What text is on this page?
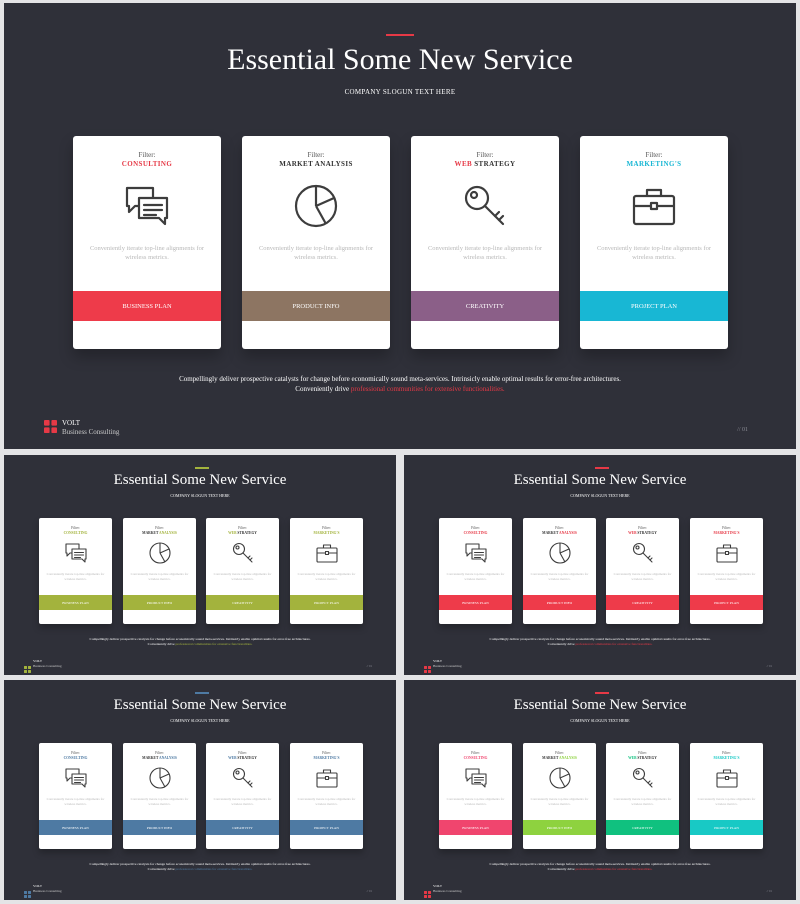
Essential Some New Service
COMPANY SLOGUN TEXT HERE
Filter:
CONSULTING
Conveniently iterate top-line alignments for wireless metrics.
BUSINESS PLAN
Filter:
MARKET ANALYSIS
Conveniently iterate top-line alignments for wireless metrics.
PRODUCT INFO
Filter:
WEB STRATEGY
Conveniently iterate top-line alignments for wireless metrics.
CREATIVITY
Filter:
MARKETING'S
Conveniently iterate top-line alignments for wireless metrics.
PROJECT PLAN
Compellingly deliver prospective catalysts for change before economically sound meta-services. Intrinsicly enable optimal results for error-free architectures.
Conveniently drive professional communities for extensive functionalities.
VOLT
Business Consulting	// 01
Essential Some New Service
COMPANY SLOGUN TEXT HERE
Filter:
CONSULTING
Conveniently iterate top-line alignments for wireless metrics.
BUSINESS PLAN
Filter:
MARKET ANALYSIS
Conveniently iterate top-line alignments for wireless metrics.
PRODUCT INFO
Filter:
WEB STRATEGY
Conveniently iterate top-line alignments for wireless metrics.
CREATIVITY
Filter:
MARKETING'S
Conveniently iterate top-line alignments for wireless metrics.
PROJECT PLAN
Compellingly deliver prospective catalysts for change before economically sound meta-services. Intrinsicly enable optimal results for error-free architectures.
Conveniently drive professional communities for extensive functionalities.
VOLT
Business Consulting	// 01
Essential Some New Service
COMPANY SLOGUN TEXT HERE
Filter:
CONSULTING
Conveniently iterate top-line alignments for wireless metrics.
BUSINESS PLAN
Filter:
MARKET ANALYSIS
Conveniently iterate top-line alignments for wireless metrics.
PRODUCT INFO
Filter:
WEB STRATEGY
Conveniently iterate top-line alignments for wireless metrics.
CREATIVITY
Filter:
MARKETING'S
Conveniently iterate top-line alignments for wireless metrics.
PROJECT PLAN
Compellingly deliver prospective catalysts for change before economically sound meta-services. Intrinsicly enable optimal results for error-free architectures.
Conveniently drive professional communities for extensive functionalities.
VOLT
Business Consulting	// 01
Essential Some New Service
COMPANY SLOGUN TEXT HERE
Filter:
CONSULTING
Conveniently iterate top-line alignments for wireless metrics.
BUSINESS PLAN
Filter:
MARKET ANALYSIS
Conveniently iterate top-line alignments for wireless metrics.
PRODUCT INFO
Filter:
WEB STRATEGY
Conveniently iterate top-line alignments for wireless metrics.
CREATIVITY
Filter:
MARKETING'S
Conveniently iterate top-line alignments for wireless metrics.
PROJECT PLAN
Compellingly deliver prospective catalysts for change before economically sound meta-services. Intrinsicly enable optimal results for error-free architectures.
Conveniently drive professional communities for extensive functionalities.
VOLT
Business Consulting	// 01
Essential Some New Service
COMPANY SLOGUN TEXT HERE
Filter:
CONSULTING
Conveniently iterate top-line alignments for wireless metrics.
BUSINESS PLAN
Filter:
MARKET ANALYSIS
Conveniently iterate top-line alignments for wireless metrics.
PRODUCT INFO
Filter:
WEB STRATEGY
Conveniently iterate top-line alignments for wireless metrics.
CREATIVITY
Filter:
MARKETING'S
Conveniently iterate top-line alignments for wireless metrics.
PROJECT PLAN
Compellingly deliver prospective catalysts for change before economically sound meta-services. Intrinsicly enable optimal results for error-free architectures.
Conveniently drive professional communities for extensive functionalities.
VOLT
Business Consulting	// 01
